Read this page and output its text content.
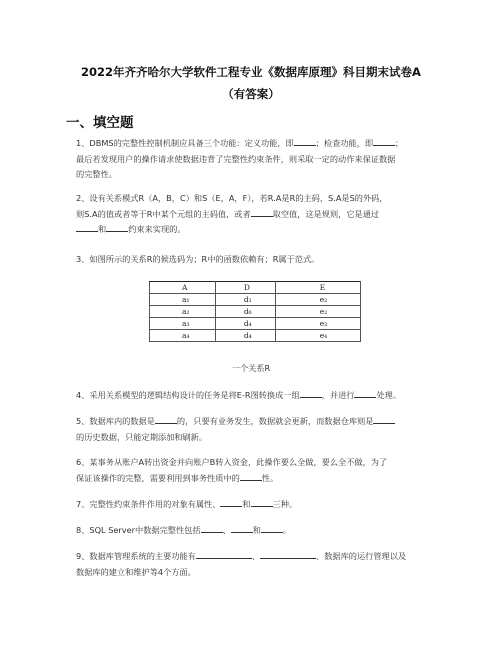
2022年齐齐哈尔大学软件工程专业《数据库原理》科目期末试卷A
（有答案）
一、填空题
1、DBMS的完整性控制机制应具备三个功能：定义功能，即	；检查功能，即	；
最后若发现用户的操作请求使数据违背了完整性约束条件，则采取一定的动作来保证数据
的完整性。
2、设有关系模式R（A，B，C）和S（E，A，F），若R.A是R的主码，S.A是S的外码，
则S.A的值或者等于R中某个元组的主码值，或者	取空值，这是规则，它是通过
和	约束来实现的。
3、如图所示的关系R的候选码为；R中的函数依赖有；R属于范式。
A	D	E
a₁	d₁	e₂
a₂	d₆	e₂
a₃	d₄	e₃
a₄	d₄	e₄
一个关系R
4、采用关系模型的逻辑结构设计的任务是将E-R图转换成一组	，并进行	处理。
5、数据库内的数据是	的，只要有业务发生，数据就会更新，而数据仓库则是
的历史数据，只能定期添加和刷新。
6、某事务从账户A转出资金并向账户B转入资金，此操作要么全做，要么全不做，为了
保证该操作的完整，需要利用到事务性质中的	性。
7、完整性约束条件作用的对象有属性、	和	三种。
8、SQL Server中数据完整性包括	、	和	。
9、数据库管理系统的主要功能有	、	、数据库的运行管理以及
数据库的建立和维护等4个方面。
